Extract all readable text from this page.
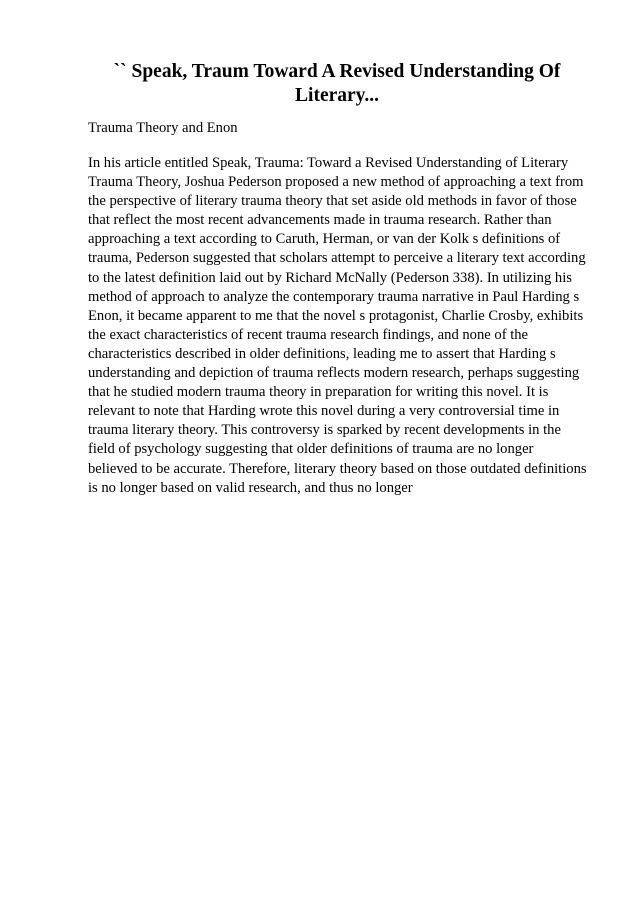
`` Speak, Traum Toward A Revised Understanding Of Literary...

Trauma Theory and Enon

In his article entitled Speak, Trauma: Toward a Revised Understanding of Literary
Trauma Theory, Joshua Pederson proposed a new method of approaching a text from
the perspective of literary trauma theory that set aside old methods in favor of those
that reflect the most recent advancements made in trauma research. Rather than
approaching a text according to Caruth, Herman, or van der Kolk s definitions of
trauma, Pederson suggested that scholars attempt to perceive a literary text according
to the latest definition laid out by Richard McNally (Pederson 338). In utilizing his
method of approach to analyze the contemporary trauma narrative in Paul Harding s
Enon, it became apparent to me that the novel s protagonist, Charlie Crosby, exhibits
the exact characteristics of recent trauma research findings, and none of the
characteristics described in older definitions, leading me to assert that Harding s
understanding and depiction of trauma reflects modern research, perhaps suggesting
that he studied modern trauma theory in preparation for writing this novel. It is
relevant to note that Harding wrote this novel during a very controversial time in
trauma literary theory. This controversy is sparked by recent developments in the
field of psychology suggesting that older definitions of trauma are no longer
believed to be accurate. Therefore, literary theory based on those outdated definitions
is no longer based on valid research, and thus no longer
